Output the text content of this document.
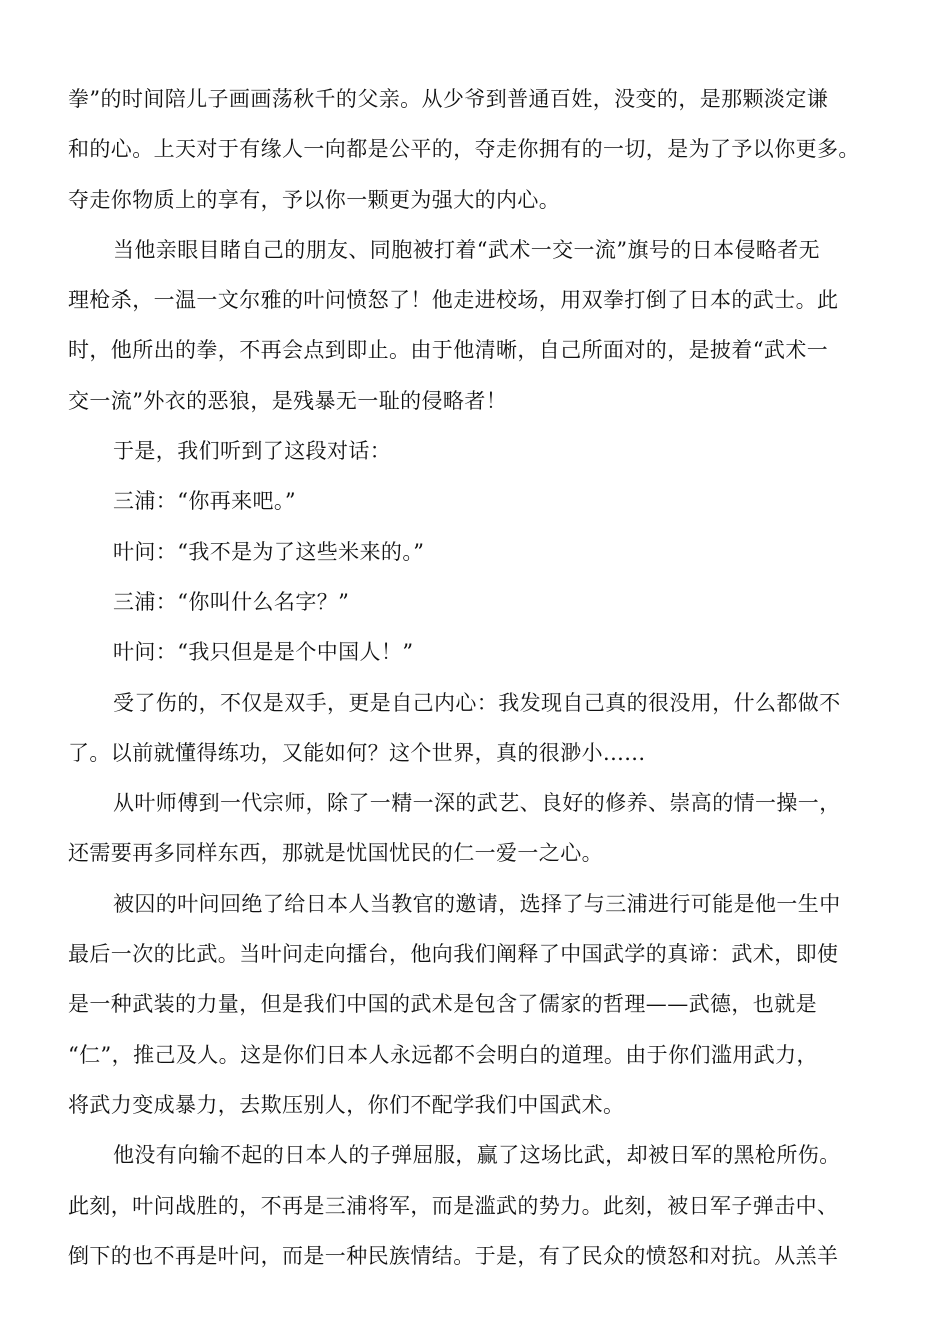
拳”的时间陪儿子画画荡秋千的父亲。从少爷到普通百姓，没变的，是那颗淡定谦
和的心。上天对于有缘人一向都是公平的，夺走你拥有的一切，是为了予以你更多。
夺走你物质上的享有，予以你一颗更为强大的内心。
当他亲眼目睹自己的朋友、同胞被打着“武术一交一流”旗号的日本侵略者无
理枪杀，一温一文尔雅的叶问愤怒了！他走进校场，用双拳打倒了日本的武士。此
时，他所出的拳，不再会点到即止。由于他清晰，自己所面对的，是披着“武术一
交一流”外衣的恶狼，是残暴无一耻的侵略者！
于是，我们听到了这段对话：
三浦：“你再来吧。”
叶问：“我不是为了这些米来的。”
三浦：“你叫什么名字？”
叶问：“我只但是是个中国人！”
受了伤的，不仅是双手，更是自己内心：我发现自己真的很没用，什么都做不
了。以前就懂得练功，又能如何？这个世界，真的很渺小......
从叶师傅到一代宗师，除了一精一深的武艺、良好的修养、崇高的情一操一，
还需要再多同样东西，那就是忧国忧民的仁一爱一之心。
被囚的叶问回绝了给日本人当教官的邀请，选择了与三浦进行可能是他一生中
最后一次的比武。当叶问走向擂台，他向我们阐释了中国武学的真谛：武术，即使
是一种武装的力量，但是我们中国的武术是包含了儒家的哲理——武德，也就是
“仁”，推己及人。这是你们日本人永远都不会明白的道理。由于你们滥用武力，
将武力变成暴力，去欺压别人，你们不配学我们中国武术。
他没有向输不起的日本人的子弹屈服，赢了这场比武，却被日军的黑枪所伤。
此刻，叶问战胜的，不再是三浦将军，而是滥武的势力。此刻，被日军子弹击中、
倒下的也不再是叶问，而是一种民族情结。于是，有了民众的愤怒和对抗。从羔羊
